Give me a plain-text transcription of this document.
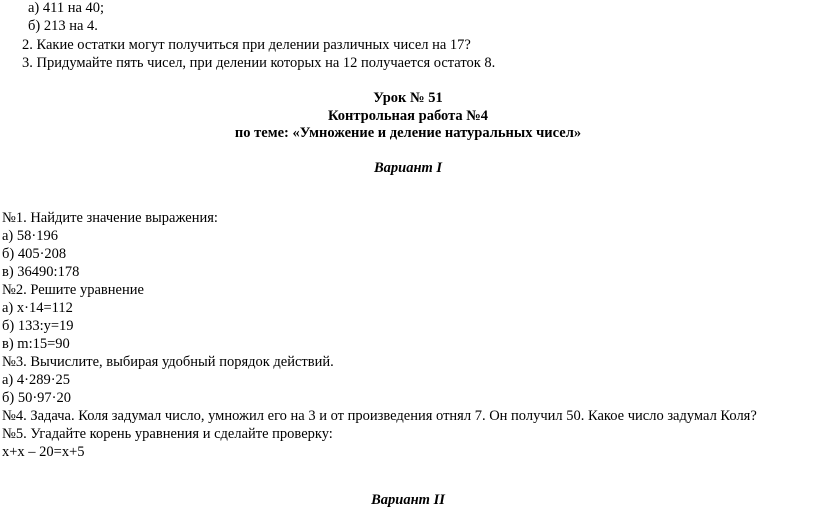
а) 411 на 40;
б) 213 на 4.
2. Какие остатки могут получиться при делении различных чисел на 17?
3. Придумайте пять чисел, при делении которых на 12 получается остаток 8.
Урок № 51
Контрольная работа №4
по теме: «Умножение и деление натуральных чисел»
Вариант I
№1. Найдите значение выражения:
а) 58·196
б) 405·208
в) 36490:178
№2. Решите уравнение
а) x·14=112
б) 133:y=19
в) m:15=90
№3. Вычислите, выбирая удобный порядок действий.
а) 4·289·25
б) 50·97·20
№4. Задача. Коля задумал число, умножил его на 3 и от произведения отнял 7. Он получил 50. Какое число задумал Коля?
№5. Угадайте корень уравнения и сделайте проверку:
x+x – 20=x+5
Вариант II
